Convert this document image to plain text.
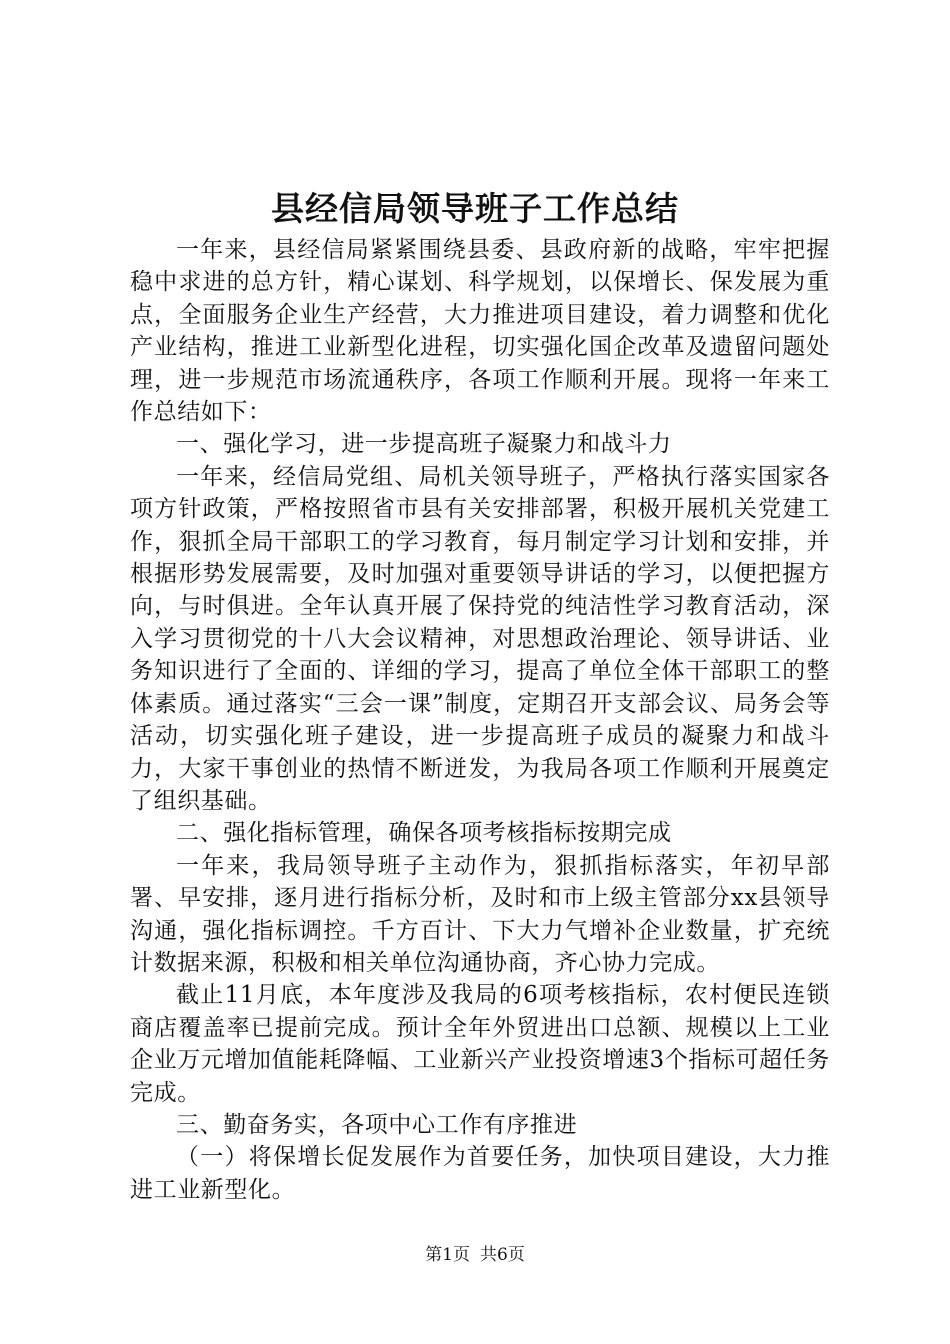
县经信局领导班子工作总结

一年来，县经信局紧紧围绕县委、县政府新的战略，牢牢把握稳中求进的总方针，精心谋划、科学规划，以保增长、保发展为重点，全面服务企业生产经营，大力推进项目建设，着力调整和优化产业结构，推进工业新型化进程，切实强化国企改革及遗留问题处理，进一步规范市场流通秩序，各项工作顺利开展。现将一年来工作总结如下：

一、强化学习，进一步提高班子凝聚力和战斗力

一年来，经信局党组、局机关领导班子，严格执行落实国家各项方针政策，严格按照省市县有关安排部署，积极开展机关党建工作，狠抓全局干部职工的学习教育，每月制定学习计划和安排，并根据形势发展需要，及时加强对重要领导讲话的学习，以便把握方向，与时俱进。全年认真开展了保持党的纯洁性学习教育活动，深入学习贯彻党的十八大会议精神，对思想政治理论、领导讲话、业务知识进行了全面的、详细的学习，提高了单位全体干部职工的整体素质。通过落实“三会一课”制度，定期召开支部会议、局务会等活动，切实强化班子建设，进一步提高班子成员的凝聚力和战斗力，大家干事创业的热情不断迸发，为我局各项工作顺利开展奠定了组织基础。

二、强化指标管理，确保各项考核指标按期完成

一年来，我局领导班子主动作为，狠抓指标落实，年初早部署、早安排，逐月进行指标分析，及时和市上级主管部分xx县领导沟通，强化指标调控。千方百计、下大力气增补企业数量，扩充统计数据来源，积极和相关单位沟通协商，齐心协力完成。

截止11月底，本年度涉及我局的6项考核指标，农村便民连锁商店覆盖率已提前完成。预计全年外贸进出口总额、规模以上工业企业万元增加值能耗降幅、工业新兴产业投资增速3个指标可超任务完成。

三、勤奋务实，各项中心工作有序推进

（一）将保增长促发展作为首要任务，加快项目建设，大力推进工业新型化。

第1页 共6页
